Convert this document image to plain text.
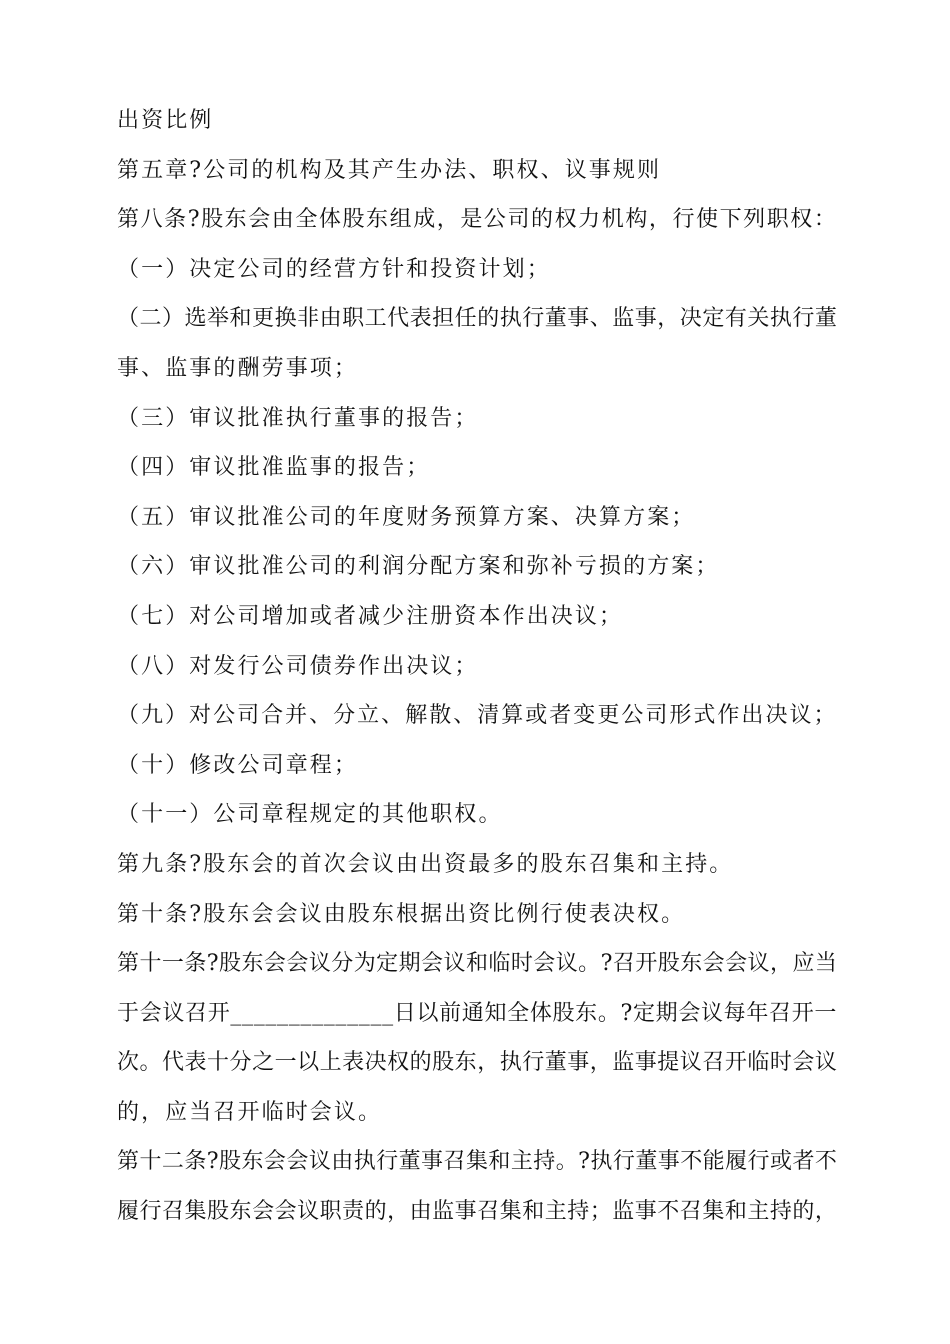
出资比例
第五章?公司的机构及其产生办法、职权、议事规则
第八条?股东会由全体股东组成，是公司的权力机构，行使下列职权：
（一）决定公司的经营方针和投资计划；
（二）选举和更换非由职工代表担任的执行董事、监事，决定有关执行董
事、监事的酬劳事项；
（三）审议批准执行董事的报告；
（四）审议批准监事的报告；
（五）审议批准公司的年度财务预算方案、决算方案；
（六）审议批准公司的利润分配方案和弥补亏损的方案；
（七）对公司增加或者减少注册资本作出决议；
（八）对发行公司债券作出决议；
（九）对公司合并、分立、解散、清算或者变更公司形式作出决议；
（十）修改公司章程；
（十一）公司章程规定的其他职权。
第九条?股东会的首次会议由出资最多的股东召集和主持。
第十条?股东会会议由股东根据出资比例行使表决权。
第十一条?股东会会议分为定期会议和临时会议。?召开股东会会议，应当
于会议召开______________日以前通知全体股东。?定期会议每年召开一
次。代表十分之一以上表决权的股东，执行董事，监事提议召开临时会议
的，应当召开临时会议。
第十二条?股东会会议由执行董事召集和主持。?执行董事不能履行或者不
履行召集股东会会议职责的，由监事召集和主持；监事不召集和主持的，
